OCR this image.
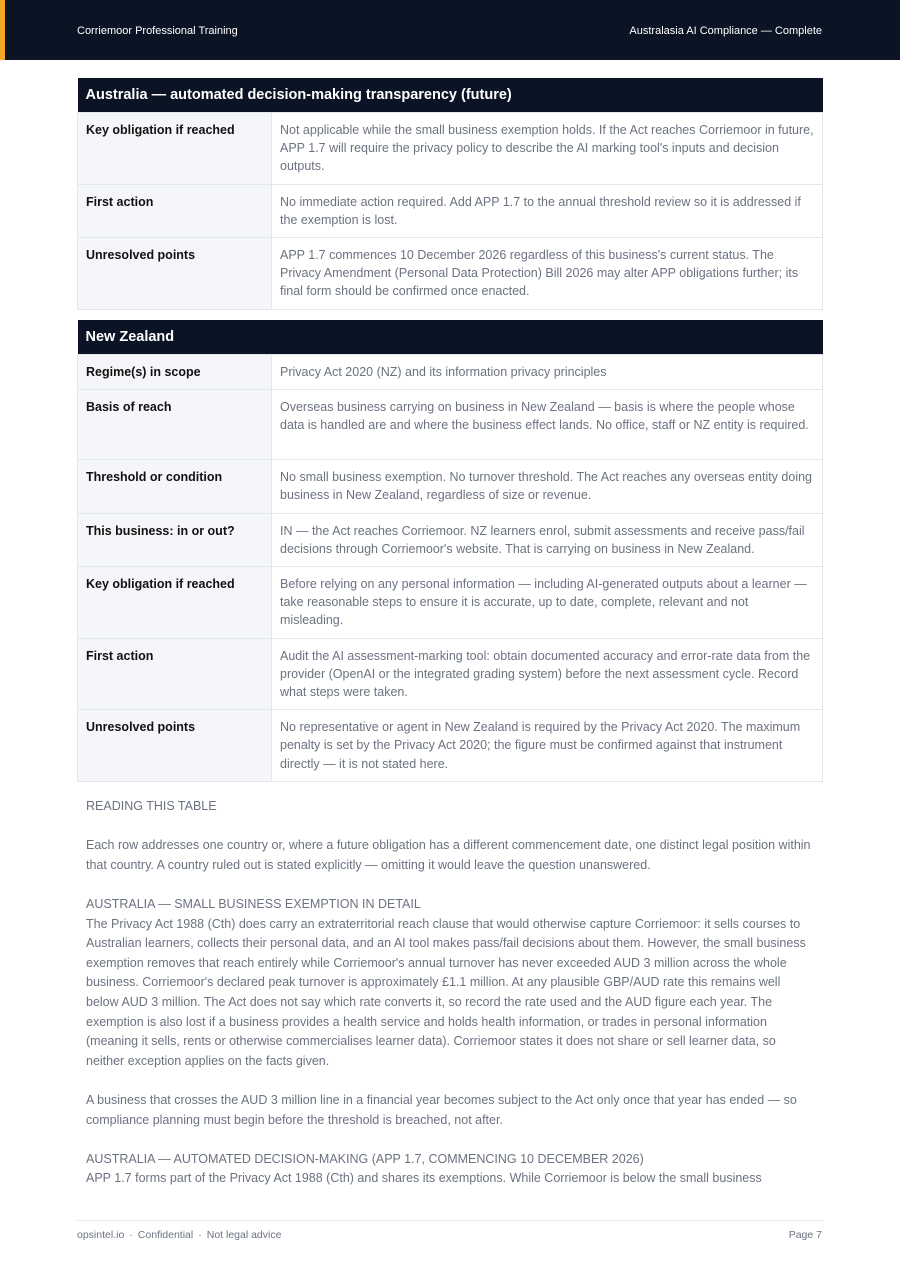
Corriemoor Professional Training	Australasia AI Compliance — Complete
Australia — automated decision-making transparency (future)	
Key obligation if reached	Not applicable while the small business exemption holds. If the Act reaches Corriemoor in future, APP 1.7 will require the privacy policy to describe the AI marking tool's inputs and decision outputs.
First action	No immediate action required. Add APP 1.7 to the annual threshold review so it is addressed if the exemption is lost.
Unresolved points	APP 1.7 commences 10 December 2026 regardless of this business's current status. The Privacy Amendment (Personal Data Protection) Bill 2026 may alter APP obligations further; its final form should be confirmed once enacted.
New Zealand	
Regime(s) in scope	Privacy Act 2020 (NZ) and its information privacy principles
Basis of reach	Overseas business carrying on business in New Zealand — basis is where the people whose data is handled are and where the business effect lands. No office, staff or NZ entity is required.
Threshold or condition	No small business exemption. No turnover threshold. The Act reaches any overseas entity doing business in New Zealand, regardless of size or revenue.
This business: in or out?	IN — the Act reaches Corriemoor. NZ learners enrol, submit assessments and receive pass/fail decisions through Corriemoor's website. That is carrying on business in New Zealand.
Key obligation if reached	Before relying on any personal information — including AI-generated outputs about a learner — take reasonable steps to ensure it is accurate, up to date, complete, relevant and not misleading.
First action	Audit the AI assessment-marking tool: obtain documented accuracy and error-rate data from the provider (OpenAI or the integrated grading system) before the next assessment cycle. Record what steps were taken.
Unresolved points	No representative or agent in New Zealand is required by the Privacy Act 2020. The maximum penalty is set by the Privacy Act 2020; the figure must be confirmed against that instrument directly — it is not stated here.

READING THIS TABLE

Each row addresses one country or, where a future obligation has a different commencement date, one distinct legal position within that country. A country ruled out is stated explicitly — omitting it would leave the question unanswered.

AUSTRALIA — SMALL BUSINESS EXEMPTION IN DETAIL

The Privacy Act 1988 (Cth) does carry an extraterritorial reach clause that would otherwise capture Corriemoor: it sells courses to Australian learners, collects their personal data, and an AI tool makes pass/fail decisions about them. However, the small business exemption removes that reach entirely while Corriemoor's annual turnover has never exceeded AUD 3 million across the whole business. Corriemoor's declared peak turnover is approximately £1.1 million. At any plausible GBP/AUD rate this remains well below AUD 3 million. The Act does not say which rate converts it, so record the rate used and the AUD figure each year. The exemption is also lost if a business provides a health service and holds health information, or trades in personal information (meaning it sells, rents or otherwise commercialises learner data). Corriemoor states it does not share or sell learner data, so neither exception applies on the facts given.

A business that crosses the AUD 3 million line in a financial year becomes subject to the Act only once that year has ended — so compliance planning must begin before the threshold is breached, not after.

AUSTRALIA — AUTOMATED DECISION-MAKING (APP 1.7, COMMENCING 10 DECEMBER 2026)

APP 1.7 forms part of the Privacy Act 1988 (Cth) and shares its exemptions. While Corriemoor is below the small business

opsintel.io · Confidential · Not legal advice	Page 7
